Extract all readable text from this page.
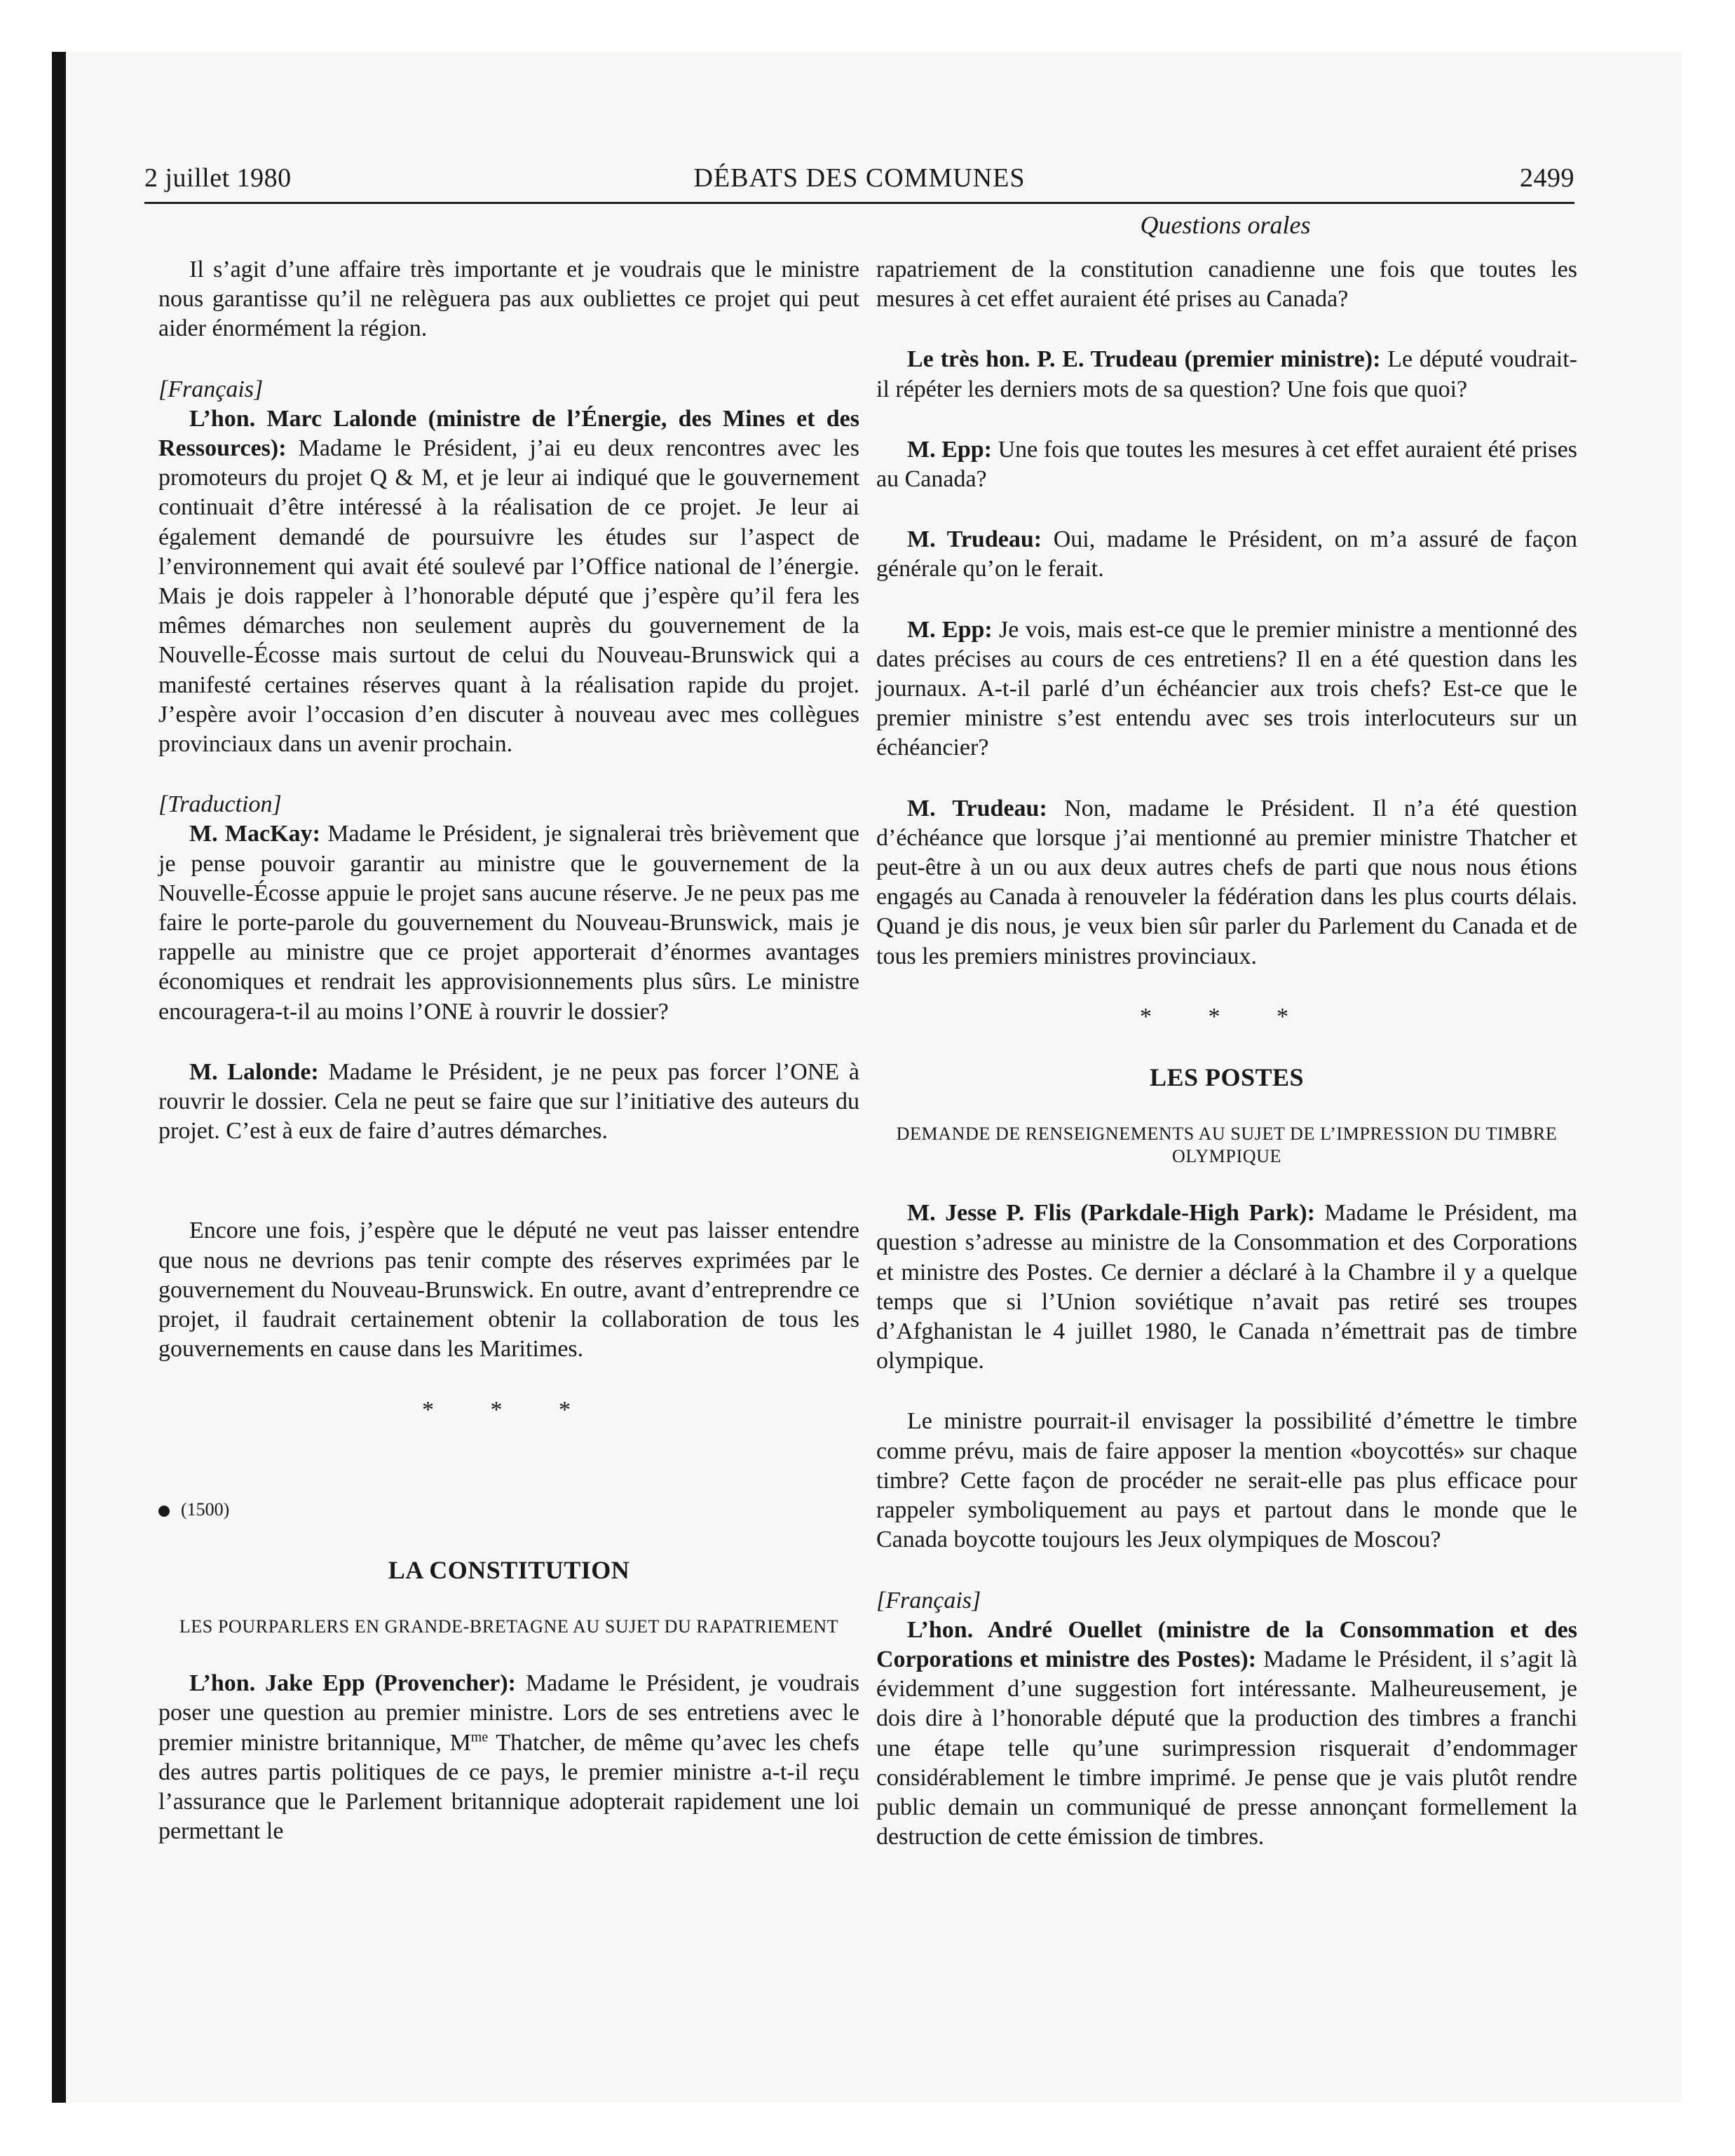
2 juillet 1980	DÉBATS DES COMMUNES	2499
Questions orales

Il s’agit d’une affaire très importante et je voudrais que le ministre nous garantisse qu’il ne relèguera pas aux oubliettes ce projet qui peut aider énormément la région.

[Français]

L’hon. Marc Lalonde (ministre de l’Énergie, des Mines et des Ressources): Madame le Président, j’ai eu deux rencontres avec les promoteurs du projet Q & M, et je leur ai indiqué que le gouvernement continuait d’être intéressé à la réalisation de ce projet. Je leur ai également demandé de poursuivre les études sur l’aspect de l’environnement qui avait été soulevé par l’Office national de l’énergie. Mais je dois rappeler à l’honorable député que j’espère qu’il fera les mêmes démarches non seulement auprès du gouvernement de la Nouvelle-Écosse mais surtout de celui du Nouveau-Brunswick qui a manifesté certaines réserves quant à la réalisation rapide du projet. J’espère avoir l’occasion d’en discuter à nouveau avec mes collègues provinciaux dans un avenir prochain.

[Traduction]

M. MacKay: Madame le Président, je signalerai très brièvement que je pense pouvoir garantir au ministre que le gouvernement de la Nouvelle-Écosse appuie le projet sans aucune réserve. Je ne peux pas me faire le porte-parole du gouvernement du Nouveau-Brunswick, mais je rappelle au ministre que ce projet apporterait d’énormes avantages économiques et rendrait les approvisionnements plus sûrs. Le ministre encouragera-t-il au moins l’ONE à rouvrir le dossier?

M. Lalonde: Madame le Président, je ne peux pas forcer l’ONE à rouvrir le dossier. Cela ne peut se faire que sur l’initiative des auteurs du projet. C’est à eux de faire d’autres démarches.

Encore une fois, j’espère que le député ne veut pas laisser entendre que nous ne devrions pas tenir compte des réserves exprimées par le gouvernement du Nouveau-Brunswick. En outre, avant d’entreprendre ce projet, il faudrait certainement obtenir la collaboration de tous les gouvernements en cause dans les Maritimes.

* * *

(1500)

LA CONSTITUTION

LES POURPARLERS EN GRANDE-BRETAGNE AU SUJET DU RAPATRIEMENT

L’hon. Jake Epp (Provencher): Madame le Président, je voudrais poser une question au premier ministre. Lors de ses entretiens avec le premier ministre britannique, $M^{me}$ Thatcher, de même qu’avec les chefs des autres partis politiques de ce pays, le premier ministre a-t-il reçu l’assurance que le Parlement britannique adopterait rapidement une loi permettant le

rapatriement de la constitution canadienne une fois que toutes les mesures à cet effet auraient été prises au Canada?

Le très hon. P. E. Trudeau (premier ministre): Le député voudrait-il répéter les derniers mots de sa question? Une fois que quoi?

M. Epp: Une fois que toutes les mesures à cet effet auraient été prises au Canada?

M. Trudeau: Oui, madame le Président, on m’a assuré de façon générale qu’on le ferait.

M. Epp: Je vois, mais est-ce que le premier ministre a mentionné des dates précises au cours de ces entretiens? Il en a été question dans les journaux. A-t-il parlé d’un échéancier aux trois chefs? Est-ce que le premier ministre s’est entendu avec ses trois interlocuteurs sur un échéancier?

M. Trudeau: Non, madame le Président. Il n’a été question d’échéance que lorsque j’ai mentionné au premier ministre Thatcher et peut-être à un ou aux deux autres chefs de parti que nous nous étions engagés au Canada à renouveler la fédération dans les plus courts délais. Quand je dis nous, je veux bien sûr parler du Parlement du Canada et de tous les premiers ministres provinciaux.

* * *

LES POSTES

DEMANDE DE RENSEIGNEMENTS AU SUJET DE L’IMPRESSION DU TIMBRE OLYMPIQUE

M. Jesse P. Flis (Parkdale-High Park): Madame le Président, ma question s’adresse au ministre de la Consommation et des Corporations et ministre des Postes. Ce dernier a déclaré à la Chambre il y a quelque temps que si l’Union soviétique n’avait pas retiré ses troupes d’Afghanistan le 4 juillet 1980, le Canada n’émettrait pas de timbre olympique.

Le ministre pourrait-il envisager la possibilité d’émettre le timbre comme prévu, mais de faire apposer la mention «boycottés» sur chaque timbre? Cette façon de procéder ne serait-elle pas plus efficace pour rappeler symboliquement au pays et partout dans le monde que le Canada boycotte toujours les Jeux olympiques de Moscou?

[Français]

L’hon. André Ouellet (ministre de la Consommation et des Corporations et ministre des Postes): Madame le Président, il s’agit là évidemment d’une suggestion fort intéressante. Malheureusement, je dois dire à l’honorable député que la production des timbres a franchi une étape telle qu’une surimpression risquerait d’endommager considérablement le timbre imprimé. Je pense que je vais plutôt rendre public demain un communiqué de presse annonçant formellement la destruction de cette émission de timbres.
